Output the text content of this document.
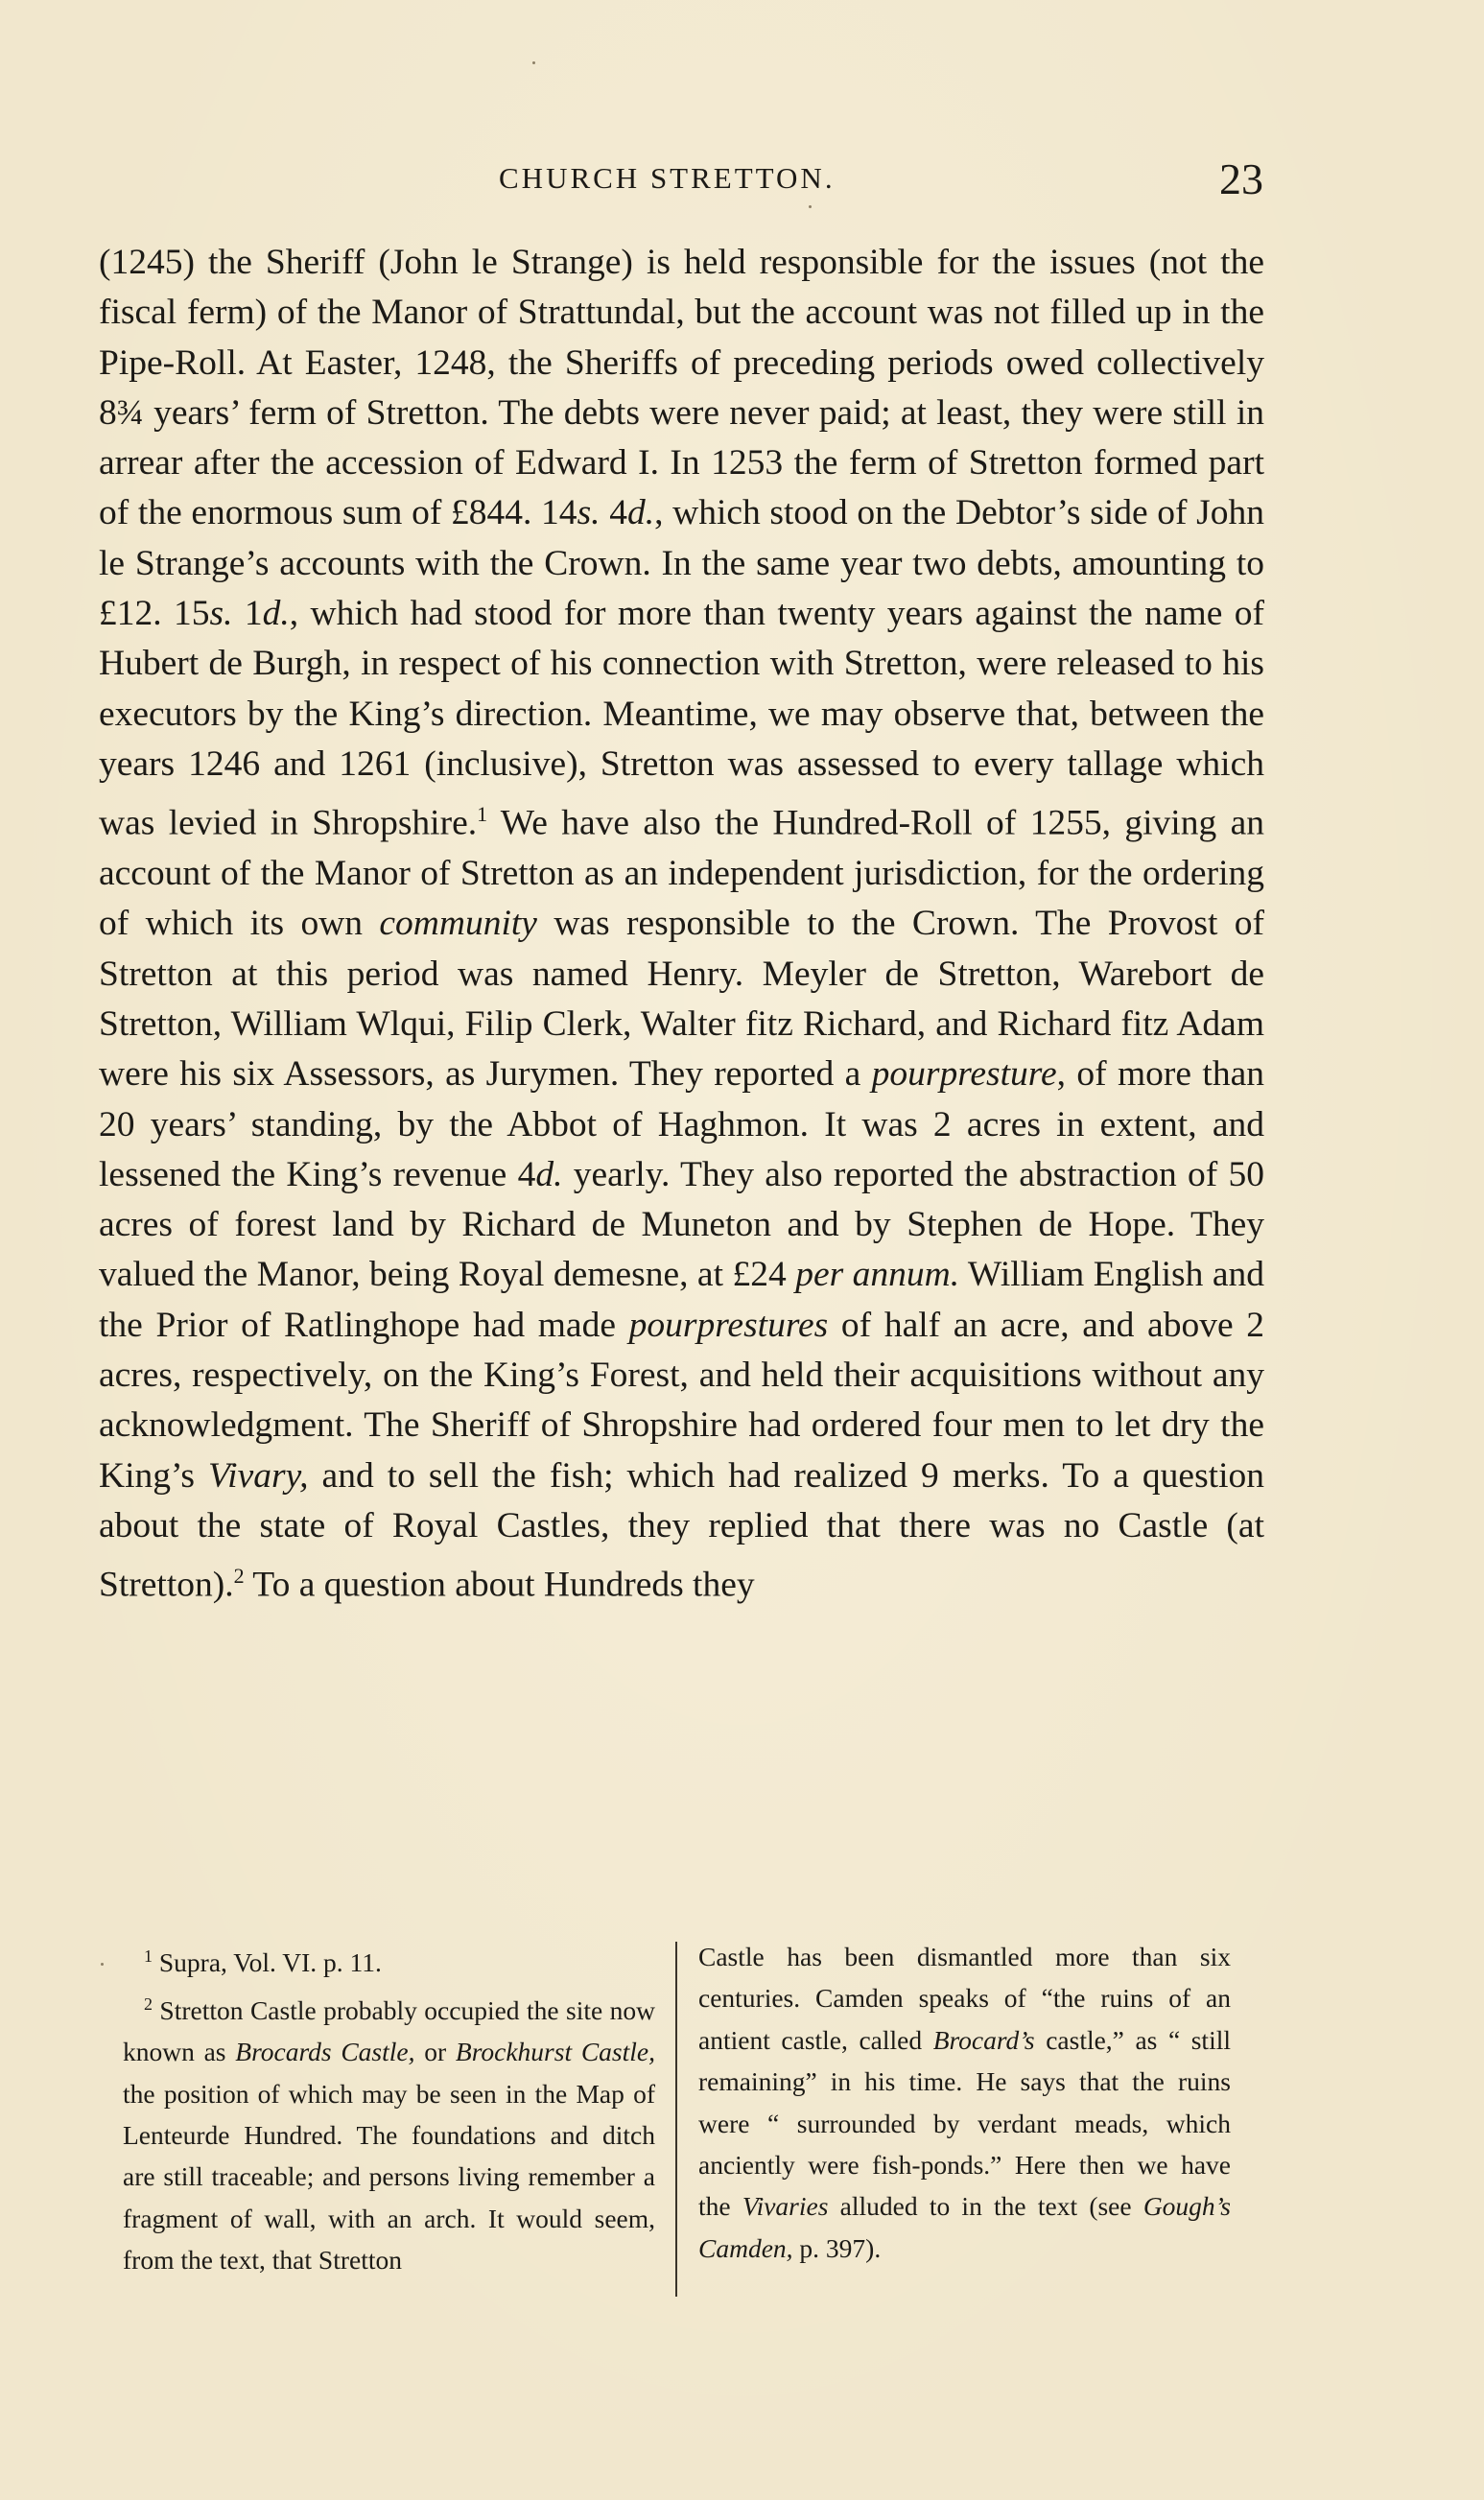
CHURCH STRETTON.	23

(1245) the Sheriff (John le Strange) is held responsible for the issues (not the fiscal ferm) of the Manor of Strattundal, but the account was not filled up in the Pipe-Roll. At Easter, 1248, the Sheriffs of preceding periods owed collectively 8¾ years’ ferm of Stretton. The debts were never paid; at least, they were still in arrear after the accession of Edward I. In 1253 the ferm of Stretton formed part of the enormous sum of £844. 14s. 4d., which stood on the Debtor’s side of John le Strange’s accounts with the Crown. In the same year two debts, amounting to £12. 15s. 1d., which had stood for more than twenty years against the name of Hubert de Burgh, in respect of his connection with Stretton, were released to his executors by the King’s direction. Meantime, we may observe that, between the years 1246 and 1261 (inclusive), Stretton was assessed to every tallage which was levied in Shropshire.$^1$ We have also the Hundred-Roll of 1255, giving an account of the Manor of Stretton as an independent jurisdiction, for the ordering of which its own community was responsible to the Crown. The Provost of Stretton at this period was named Henry. Meyler de Stretton, Warebort de Stretton, William Wlqui, Filip Clerk, Walter fitz Richard, and Richard fitz Adam were his six Assessors, as Jurymen. They reported a pourpresture, of more than 20 years’ standing, by the Abbot of Haghmon. It was 2 acres in extent, and lessened the King’s revenue 4d. yearly. They also reported the abstraction of 50 acres of forest land by Richard de Muneton and by Stephen de Hope. They valued the Manor, being Royal demesne, at £24 per annum. William English and the Prior of Ratlinghope had made pourprestures of half an acre, and above 2 acres, respectively, on the King’s Forest, and held their acquisitions without any acknowledgment. The Sheriff of Shropshire had ordered four men to let dry the King’s Vivary, and to sell the fish; which had realized 9 merks. To a question about the state of Royal Castles, they replied that there was no Castle (at Stretton).$^2$ To a question about Hundreds they

$^1$ Supra, Vol. VI. p. 11.

$^2$ Stretton Castle probably occupied the site now known as Brocards Castle, or Brockhurst Castle, the position of which may be seen in the Map of Lenteurde Hundred. The foundations and ditch are still traceable; and persons living remember a fragment of wall, with an arch. It would seem, from the text, that Stretton

Castle has been dismantled more than six centuries. Camden speaks of “the ruins of an antient castle, called Brocard’s castle,” as “ still remaining” in his time. He says that the ruins were “ surrounded by verdant meads, which anciently were fish-ponds.” Here then we have the Vivaries alluded to in the text (see Gough’s Camden, p. 397).
